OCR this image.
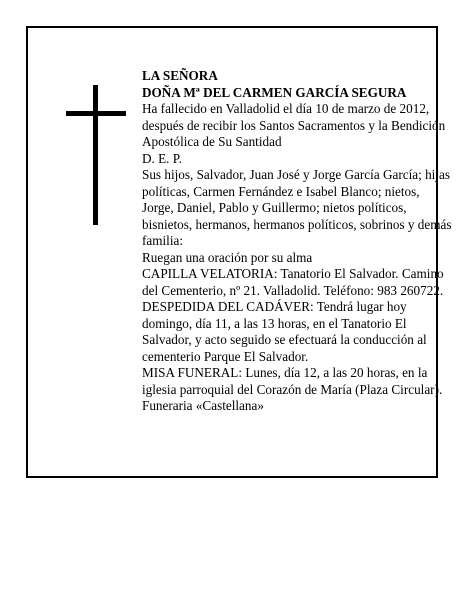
LA SEÑORA

DOÑA Mª DEL CARMEN GARCÍA SEGURA

Ha fallecido en Valladolid el día 10 de marzo de 2012, después de recibir los Santos Sacramentos y la Bendición Apostólica de Su Santidad

D. E. P.

Sus hijos, Salvador, Juan José y Jorge García García; hijas políticas, Carmen Fernández e Isabel Blanco; nietos, Jorge, Daniel, Pablo y Guillermo; nietos políticos, bisnietos, hermanos, hermanos políticos, sobrinos y demás familia:

Ruegan una oración por su alma

CAPILLA VELATORIA: Tanatorio El Salvador. Camino del Cementerio, nº 21. Valladolid. Teléfono: 983 260722.

DESPEDIDA DEL CADÁVER: Tendrá lugar hoy domingo, día 11, a las 13 horas, en el Tanatorio El Salvador, y acto seguido se efectuará la conducción al cementerio Parque El Salvador.

MISA FUNERAL: Lunes, día 12, a las 20 horas, en la iglesia parroquial del Corazón de María (Plaza Circular).

Funeraria «Castellana»
